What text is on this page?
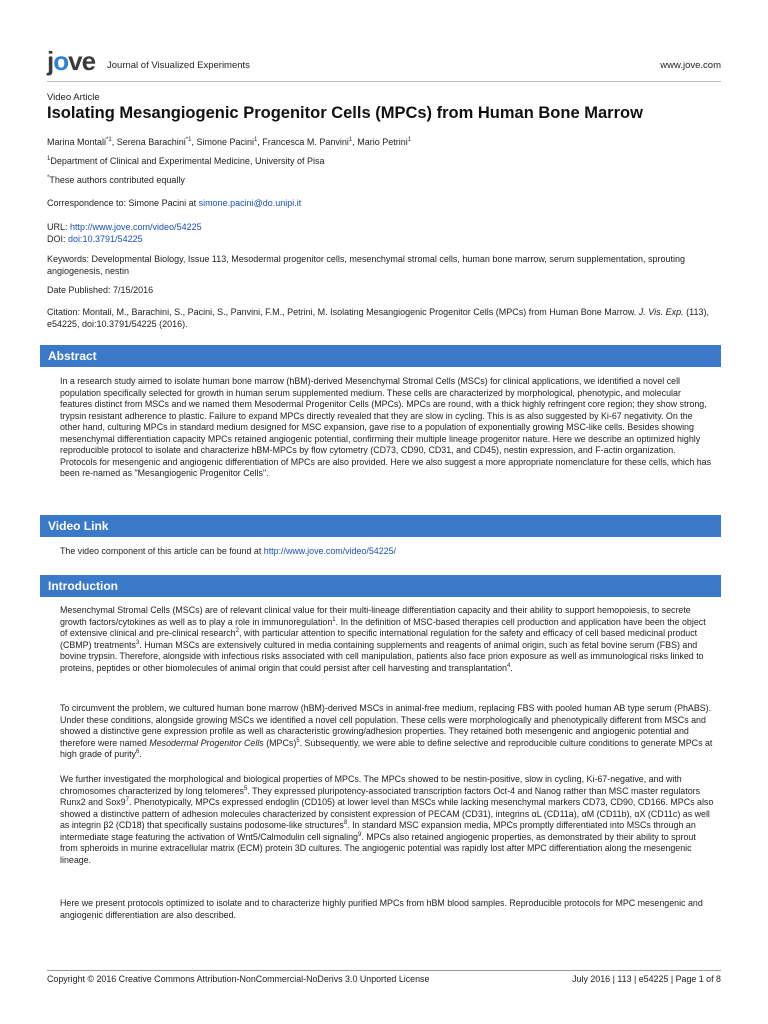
jove Journal of Visualized Experiments	www.jove.com
Video Article
Isolating Mesangiogenic Progenitor Cells (MPCs) from Human Bone Marrow
Marina Montali$^{*1}$, Serena Barachini$^{*1}$, Simone Pacini$^1$, Francesca M. Panvini$^1$, Mario Petrini$^1$
$^1$Department of Clinical and Experimental Medicine, University of Pisa
*These authors contributed equally
Correspondence to: Simone Pacini at simone.pacini@do.unipi.it
URL: http://www.jove.com/video/54225
DOI: doi:10.3791/54225
Keywords: Developmental Biology, Issue 113, Mesodermal progenitor cells, mesenchymal stromal cells, human bone marrow, serum supplementation, sprouting angiogenesis, nestin
Date Published: 7/15/2016
Citation: Montali, M., Barachini, S., Pacini, S., Panvini, F.M., Petrini, M. Isolating Mesangiogenic Progenitor Cells (MPCs) from Human Bone Marrow. J. Vis. Exp. (113), e54225, doi:10.3791/54225 (2016).
Abstract

In a research study aimed to isolate human bone marrow (hBM)-derived Mesenchymal Stromal Cells (MSCs) for clinical applications, we identified a novel cell population specifically selected for growth in human serum supplemented medium. These cells are characterized by morphological, phenotypic, and molecular features distinct from MSCs and we named them Mesodermal Progenitor Cells (MPCs). MPCs are round, with a thick highly refringent core region; they show strong, trypsin resistant adherence to plastic. Failure to expand MPCs directly revealed that they are slow in cycling. This is as also suggested by Ki-67 negativity. On the other hand, culturing MPCs in standard medium designed for MSC expansion, gave rise to a population of exponentially growing MSC-like cells. Besides showing mesenchymal differentiation capacity MPCs retained angiogenic potential, confirming their multiple lineage progenitor nature. Here we describe an optimized highly reproducible protocol to isolate and characterize hBM-MPCs by flow cytometry (CD73, CD90, CD31, and CD45), nestin expression, and F-actin organization. Protocols for mesengenic and angiogenic differentiation of MPCs are also provided. Here we also suggest a more appropriate nomenclature for these cells, which has been re-named as "Mesangiogenic Progenitor Cells".

Video Link

The video component of this article can be found at http://www.jove.com/video/54225/

Introduction

Mesenchymal Stromal Cells (MSCs) are of relevant clinical value for their multi-lineage differentiation capacity and their ability to support hemopoiesis, to secrete growth factors/cytokines as well as to play a role in immunoregulation$^1$. In the definition of MSC-based therapies cell production and application have been the object of extensive clinical and pre-clinical research$^2$, with particular attention to specific international regulation for the safety and efficacy of cell based medicinal product (CBMP) treatments$^3$. Human MSCs are extensively cultured in media containing supplements and reagents of animal origin, such as fetal bovine serum (FBS) and bovine trypsin. Therefore, alongside with infectious risks associated with cell manipulation, patients also face prion exposure as well as immunological risks linked to proteins, peptides or other biomolecules of animal origin that could persist after cell harvesting and transplantation$^4$.

To circumvent the problem, we cultured human bone marrow (hBM)-derived MSCs in animal-free medium, replacing FBS with pooled human AB type serum (PhABS). Under these conditions, alongside growing MSCs we identified a novel cell population. These cells were morphologically and phenotypically different from MSCs and showed a distinctive gene expression profile as well as characteristic growing/adhesion properties. They retained both mesengenic and angiogenic potential and therefore were named Mesodermal Progenitor Cells (MPCs)$^5$. Subsequently, we were able to define selective and reproducible culture conditions to generate MPCs at high grade of purity$^6$.

We further investigated the morphological and biological properties of MPCs. The MPCs showed to be nestin-positive, slow in cycling, Ki-67-negative, and with chromosomes characterized by long telomeres$^5$. They expressed pluripotency-associated transcription factors Oct-4 and Nanog rather than MSC master regulators Runx2 and $Sox9^7$. Phenotypically, MPCs expressed endoglin (CD105) at lower level than MSCs while lacking mesenchymal markers CD73, CD90, CD166. MPCs also showed a distinctive pattern of adhesion molecules characterized by consistent expression of PECAM (CD31), integrins αL (CD11a), αM (CD11b), αX (CD11c) as well as integrin β2 (CD18) that specifically sustains podosome-like structures$^8$. In standard MSC expansion media, MPCs promptly differentiated into MSCs through an intermediate stage featuring the activation of Wnt5/Calmodulin cell signaling$^9$. MPCs also retained angiogenic properties, as demonstrated by their ability to sprout from spheroids in murine extracellular matrix (ECM) protein 3D cultures. The angiogenic potential was rapidly lost after MPC differentiation along the mesengenic lineage.

Here we present protocols optimized to isolate and to characterize highly purified MPCs from hBM blood samples. Reproducible protocols for MPC mesengenic and angiogenic differentiation are also described.

Copyright © 2016 Creative Commons Attribution-NonCommercial-NoDerivs 3.0 Unported License	July 2016 | 113 | e54225 | Page 1 of 8
